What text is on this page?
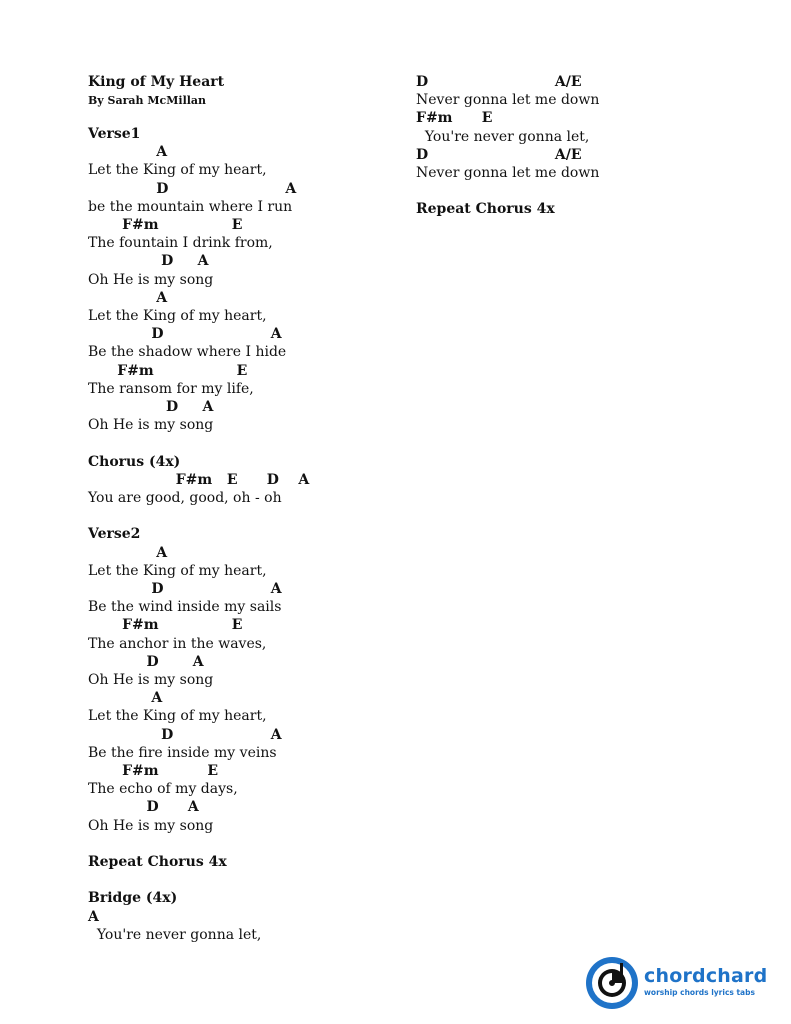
King of My Heart
By Sarah McMillan
Verse1
A
Let the King of my heart,
D                        A
be the mountain where I run
F#m               E
The fountain I drink from,
D     A
Oh He is my song
A
Let the King of my heart,
D                      A
Be the shadow where I hide
F#m                 E
The ransom for my life,
D     A
Oh He is my song
Chorus (4x)
F#m   E      D    A
You are good, good, oh - oh
Verse2
A
Let the King of my heart,
D                      A
Be the wind inside my sails
F#m               E
The anchor in the waves,
D       A
Oh He is my song
A
Let the King of my heart,
D                    A
Be the fire inside my veins
F#m          E
The echo of my days,
D      A
Oh He is my song
Repeat Chorus 4x
Bridge (4x)
A
You're never gonna let,
D                          A/E
Never gonna let me down
F#m      E
You're never gonna let,
D                          A/E
Never gonna let me down
Repeat Chorus 4x
chordchard
worship chords lyrics tabs
